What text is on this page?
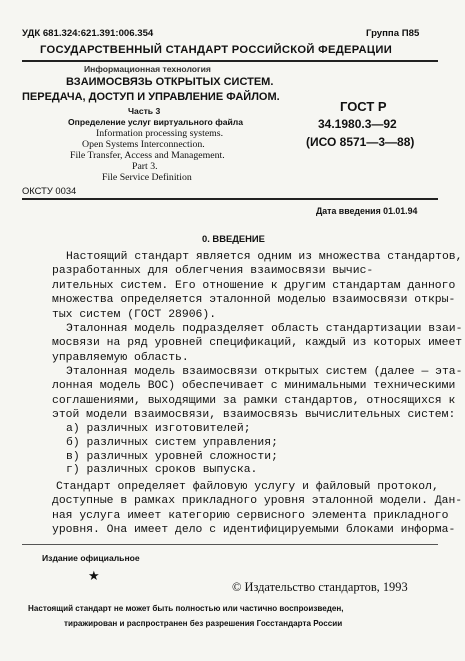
УДК 681.324:621.391:006.354	Группа П85
ГОСУДАРСТВЕННЫЙ СТАНДАРТ РОССИЙСКОЙ ФЕДЕРАЦИИ
Информационная технология
ВЗАИМОСВЯЗЬ ОТКРЫТЫХ СИСТЕМ.
ПЕРЕДАЧА, ДОСТУП И УПРАВЛЕНИЕ ФАЙЛОМ.
Часть 3
Определение услуг виртуального файла
Information processing systems.
Open Systems Interconnection.
File Transfer, Access and Management.
Part 3.
File Service Definition
ГОСТ Р
34.1980.3—92
(ИСО 8571—3—88)
ОКСТУ 0034
Дата введения 01.01.94
0. ВВЕДЕНИЕ
Настоящий стандарт является одним из множества стандартов,
разработанных для облегчения взаимосвязи вычис-
лительных систем. Его отношение к другим стандартам данного
множества определяется эталонной моделью взаимосвязи откры-
тых систем (ГОСТ 28906).
Эталонная модель подразделяет область стандартизации взаи-
мосвязи на ряд уровней спецификаций, каждый из которых имеет
управляемую область.
Эталонная модель взаимосвязи открытых систем (далее — эта-
лонная модель ВОС) обеспечивает с минимальными техническими
соглашениями, выходящими за рамки стандартов, относящихся к
этой модели взаимосвязи, взаимосвязь вычислительных систем:
а) различных изготовителей;
б) различных систем управления;
в) различных уровней сложности;
г) различных сроков выпуска.
Стандарт определяет файловую услугу и файловый протокол,
доступные в рамках прикладного уровня эталонной модели. Дан-
ная услуга имеет категорию сервисного элемента прикладного
уровня. Она имеет дело с идентифицируемыми блоками информа-
Издание официальное
★
© Издательство стандартов, 1993
Настоящий стандарт не может быть полностью или частично воспроизведен,
тиражирован и распространен без разрешения Госстандарта России
